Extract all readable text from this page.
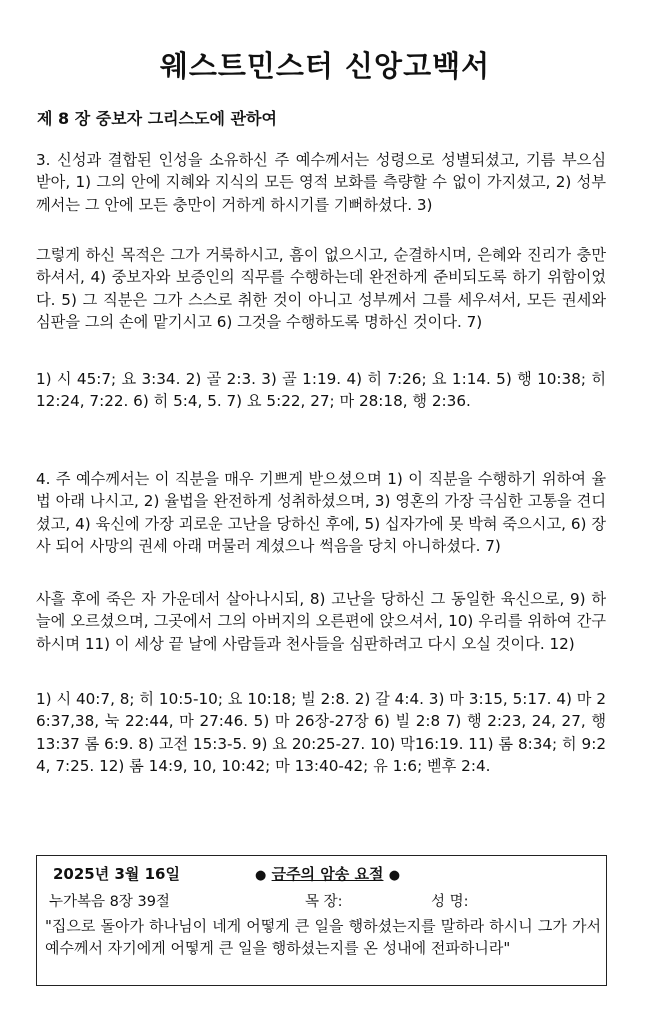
웨스트민스터 신앙고백서
제 8 장 중보자 그리스도에 관하여
3. 신성과 결합된 인성을 소유하신 주 예수께서는 성령으로 성별되셨고, 기름 부으심 받아, 1) 그의 안에 지혜와 지식의 모든 영적 보화를 측량할 수 없이 가지셨고, 2) 성부께서는 그 안에 모든 충만이 거하게 하시기를 기뻐하셨다. 3)
그렇게 하신 목적은 그가 거룩하시고, 흠이 없으시고, 순결하시며, 은혜와 진리가 충만하셔서, 4) 중보자와 보증인의 직무를 수행하는데 완전하게 준비되도록 하기 위함이었다. 5) 그 직분은 그가 스스로 취한 것이 아니고 성부께서 그를 세우셔서, 모든 권세와 심판을 그의 손에 맡기시고 6) 그것을 수행하도록 명하신 것이다. 7)
1) 시 45:7; 요 3:34. 2) 골 2:3. 3) 골 1:19. 4) 히 7:26; 요 1:14. 5) 행 10:38; 히 12:24, 7:22. 6) 히 5:4, 5. 7) 요 5:22, 27; 마 28:18, 행 2:36.
4. 주 예수께서는 이 직분을 매우 기쁘게 받으셨으며 1) 이 직분을 수행하기 위하여 율법 아래 나시고, 2) 율법을 완전하게 성취하셨으며, 3) 영혼의 가장 극심한 고통을 견디셨고, 4) 육신에 가장 괴로운 고난을 당하신 후에, 5) 십자가에 못 박혀 죽으시고, 6) 장사 되어 사망의 권세 아래 머물러 계셨으나 썩음을 당치 아니하셨다. 7)
사흘 후에 죽은 자 가운데서 살아나시되, 8) 고난을 당하신 그 동일한 육신으로, 9) 하늘에 오르셨으며, 그곳에서 그의 아버지의 오른편에 앉으셔서, 10) 우리를 위하여 간구하시며 11) 이 세상 끝 날에 사람들과 천사들을 심판하려고 다시 오실 것이다. 12)
1) 시 40:7, 8; 히 10:5-10; 요 10:18; 빌 2:8. 2) 갈 4:4. 3) 마 3:15, 5:17. 4) 마 26:37,38, 눅 22:44, 마 27:46. 5) 마 26장-27장 6) 빌 2:8 7) 행 2:23, 24, 27, 행 13:37 롬 6:9. 8) 고전 15:3-5. 9) 요 20:25-27. 10) 막16:19. 11) 롬 8:34; 히 9:24, 7:25. 12) 롬 14:9, 10, 10:42; 마 13:40-42; 유 1:6; 벧후 2:4.
2025년 3월 16일	● 금주의 암송 요절 ●
누가복음 8장 39절	목 장:	성 명:
"집으로 돌아가 하나님이 네게 어떻게 큰 일을 행하셨는지를 말하라 하시니 그가 가서 예수께서 자기에게 어떻게 큰 일을 행하셨는지를 온 성내에 전파하니라"
